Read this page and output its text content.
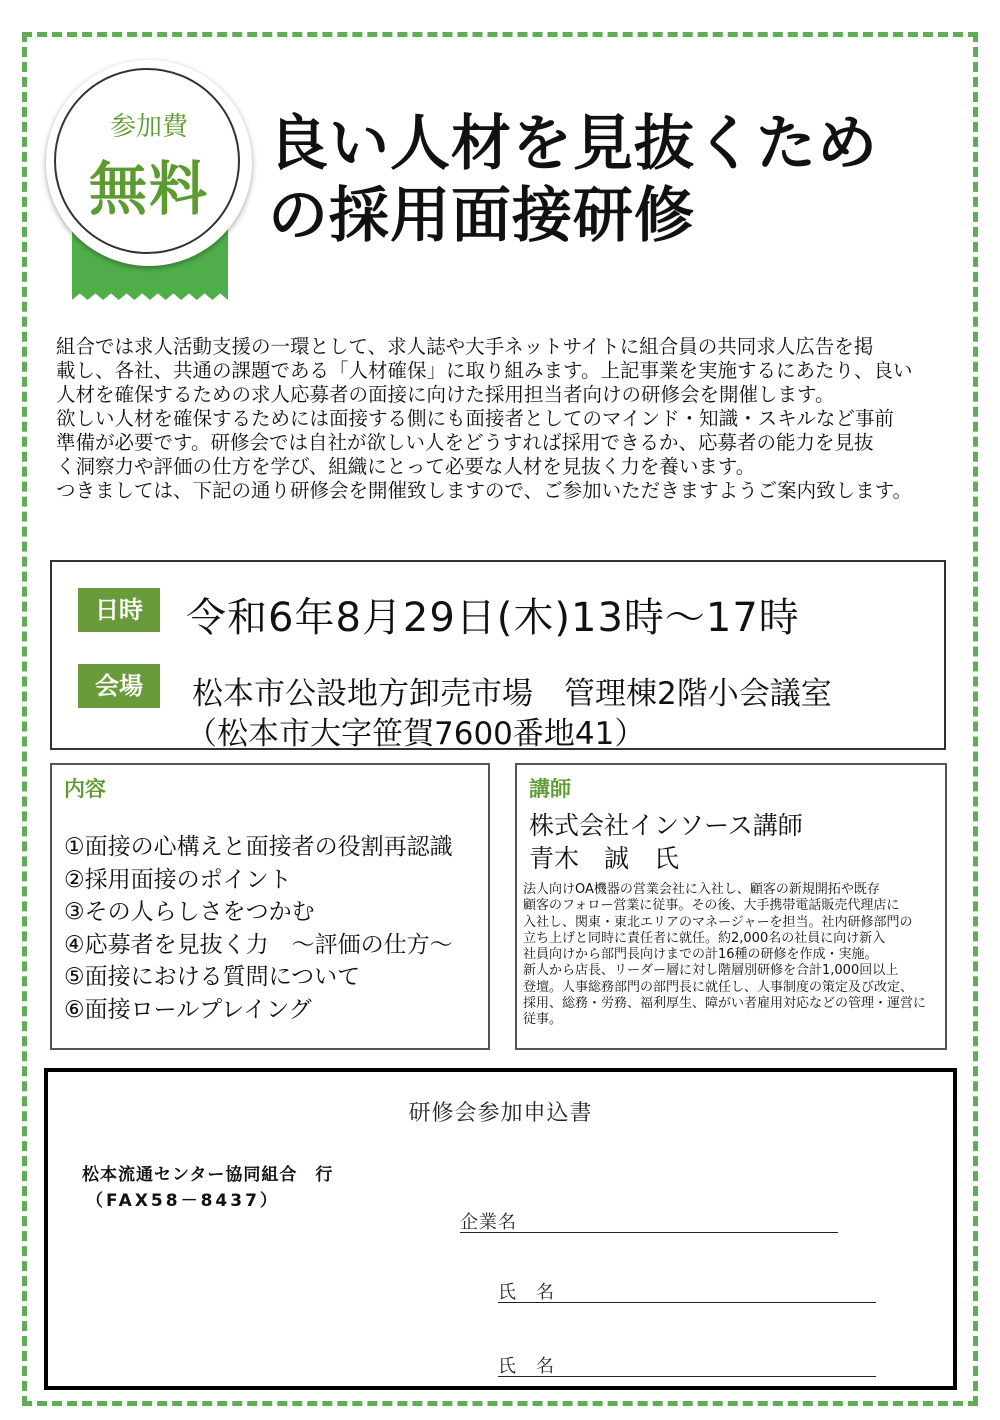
参加費
無料
良い人材を見抜くため
の採用面接研修
組合では求人活動支援の一環として、求人誌や大手ネットサイトに組合員の共同求人広告を掲
載し、各社、共通の課題である「人材確保」に取り組みます。上記事業を実施するにあたり、良い
人材を確保するための求人応募者の面接に向けた採用担当者向けの研修会を開催します。
欲しい人材を確保するためには面接する側にも面接者としてのマインド・知識・スキルなど事前
準備が必要です。研修会では自社が欲しい人をどうすれば採用できるか、応募者の能力を見抜
く洞察力や評価の仕方を学び、組織にとって必要な人材を見抜く力を養います。
つきましては、下記の通り研修会を開催致しますので、ご参加いただきますようご案内致します。
日時	令和6年8月29日(木)13時～17時
会場	松本市公設地方卸売市場　管理棟2階小会議室
（松本市大字笹賀7600番地41）
内容
①面接の心構えと面接者の役割再認識
②採用面接のポイント
③その人らしさをつかむ
④応募者を見抜く力　～評価の仕方～
⑤面接における質問について
⑥面接ロールプレイング
講師
株式会社インソース講師
青木　誠　氏
法人向けOA機器の営業会社に入社し、顧客の新規開拓や既存
顧客のフォロー営業に従事。その後、大手携帯電話販売代理店に
入社し、関東・東北エリアのマネージャーを担当。社内研修部門の
立ち上げと同時に責任者に就任。約2,000名の社員に向け新入
社員向けから部門長向けまでの計16種の研修を作成・実施。
新人から店長、リーダー層に対し階層別研修を合計1,000回以上
登壇。人事総務部門の部門長に就任し、人事制度の策定及び改定、
採用、総務・労務、福利厚生、障がい者雇用対応などの管理・運営に
従事。
研修会参加申込書
松本流通センター協同組合　行
（FAX58－8437）
企業名
氏　名
氏　名
